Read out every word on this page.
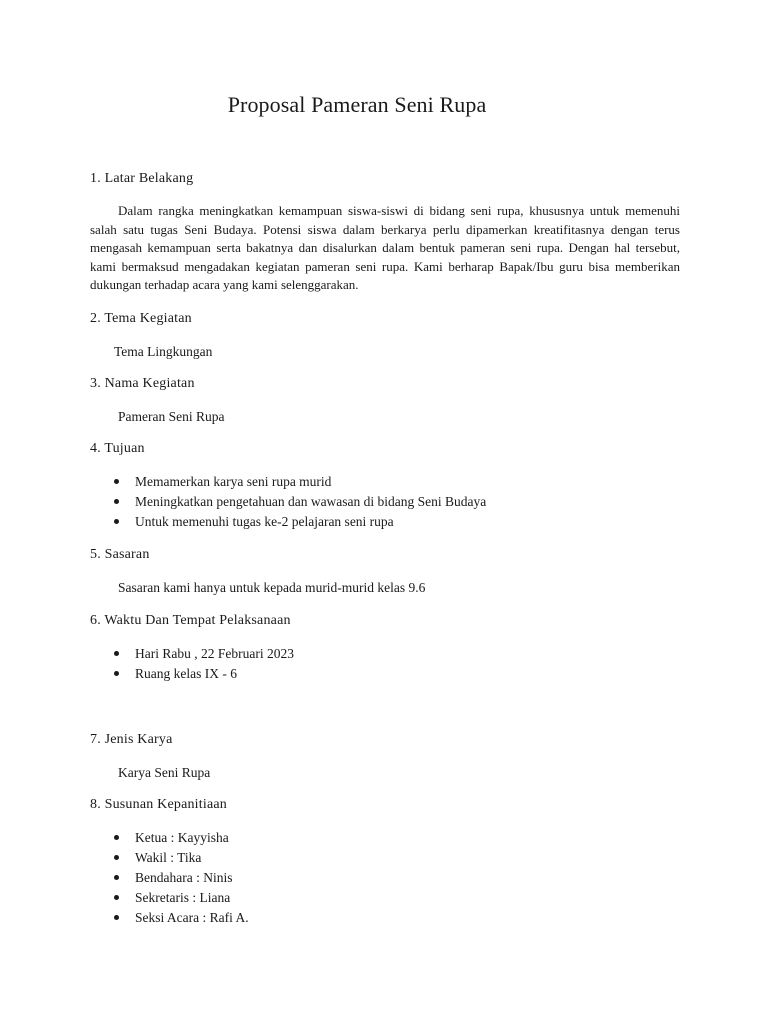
Proposal Pameran Seni Rupa
1. Latar Belakang
Dalam rangka meningkatkan kemampuan siswa-siswi di bidang seni rupa, khususnya untuk memenuhi salah satu tugas Seni Budaya. Potensi siswa dalam berkarya perlu dipamerkan kreatifitasnya dengan terus mengasah kemampuan serta bakatnya dan disalurkan dalam bentuk pameran seni rupa. Dengan hal tersebut, kami bermaksud mengadakan kegiatan pameran seni rupa. Kami berharap Bapak/Ibu guru bisa memberikan dukungan terhadap acara yang kami selenggarakan.
2. Tema Kegiatan
Tema Lingkungan
3. Nama Kegiatan
Pameran Seni Rupa
4. Tujuan
Memamerkan karya seni rupa murid
Meningkatkan pengetahuan dan wawasan di bidang Seni Budaya
Untuk memenuhi tugas ke-2 pelajaran seni rupa
5. Sasaran
Sasaran kami hanya untuk kepada murid-murid kelas 9.6
6. Waktu Dan Tempat Pelaksanaan
Hari Rabu , 22 Februari 2023
Ruang kelas IX - 6
7. Jenis Karya
Karya Seni Rupa
8. Susunan Kepanitiaan
Ketua : Kayyisha
Wakil : Tika
Bendahara : Ninis
Sekretaris : Liana
Seksi Acara : Rafi A.
